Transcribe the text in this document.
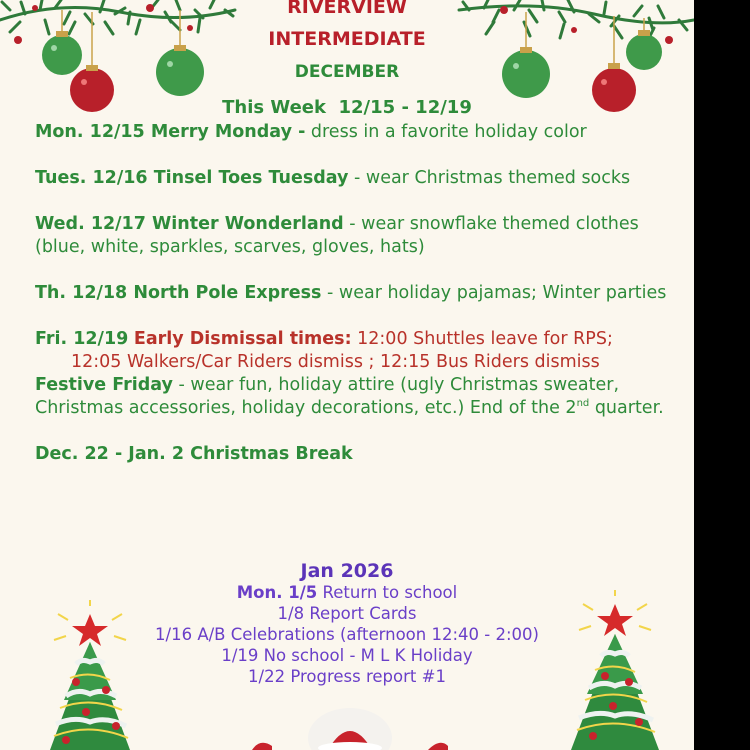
RIVERVIEW
INTERMEDIATE
DECEMBER
This Week  12/15 - 12/19
Mon. 12/15 Merry Monday - dress in a favorite holiday color
Tues. 12/16 Tinsel Toes Tuesday - wear Christmas themed socks
Wed. 12/17 Winter Wonderland - wear snowflake themed clothes (blue, white, sparkles, scarves, gloves, hats)
Th. 12/18 North Pole Express - wear holiday pajamas; Winter parties
Fri. 12/19 Early Dismissal times: 12:00 Shuttles leave for RPS;
12:05 Walkers/Car Riders dismiss ; 12:15 Bus Riders dismiss
Festive Friday - wear fun, holiday attire (ugly Christmas sweater, Christmas accessories, holiday decorations, etc.) End of the 2nd quarter.
Dec. 22 - Jan. 2 Christmas Break
Jan 2026
Mon. 1/5 Return to school
1/8 Report Cards
1/16 A/B Celebrations (afternoon 12:40 - 2:00)
1/19 No school - M L K Holiday
1/22 Progress report #1
